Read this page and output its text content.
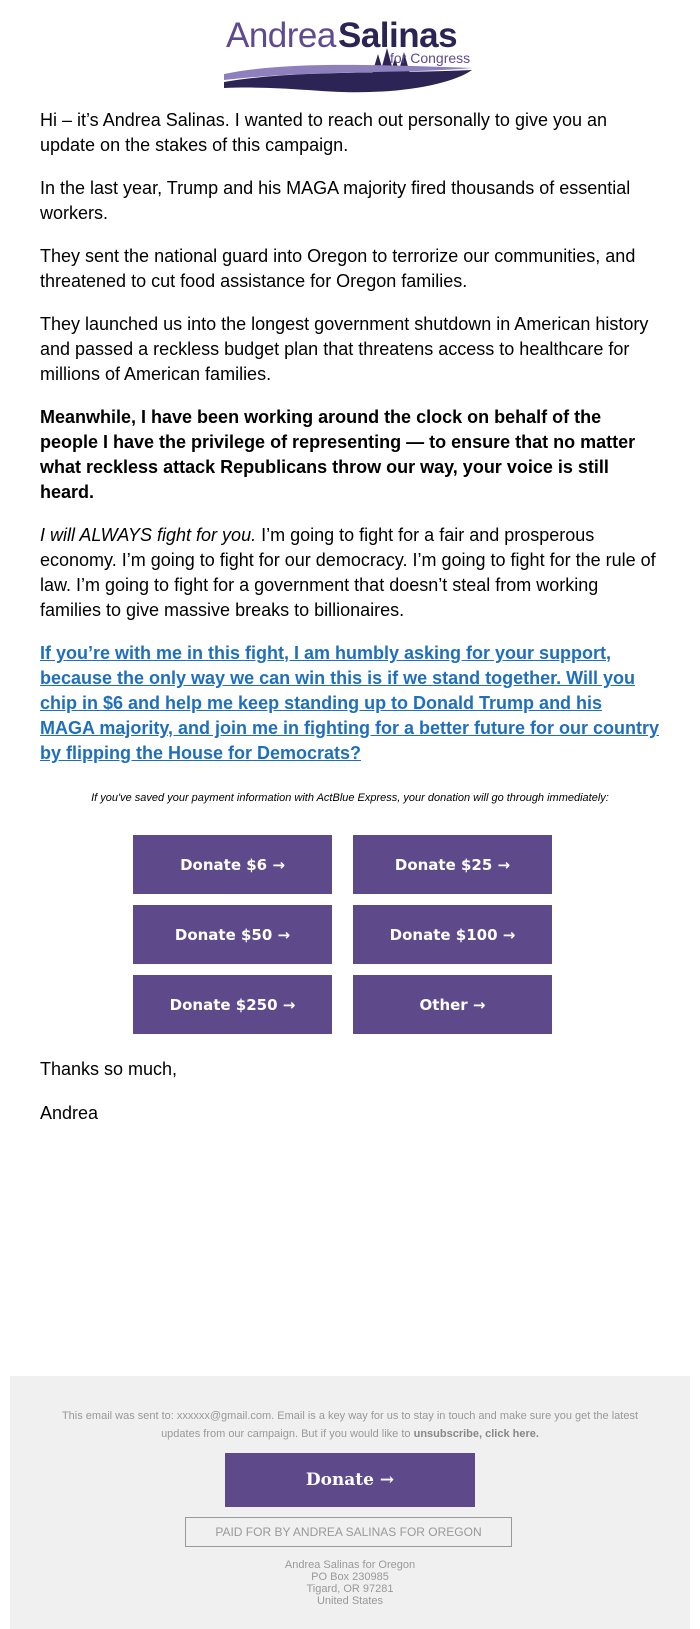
Andrea Salinas
for Congress

Hi – it’s Andrea Salinas. I wanted to reach out personally to give you an update on the stakes of this campaign.

In the last year, Trump and his MAGA majority fired thousands of essential workers.

They sent the national guard into Oregon to terrorize our communities, and threatened to cut food assistance for Oregon families.

They launched us into the longest government shutdown in American history and passed a reckless budget plan that threatens access to healthcare for millions of American families.

Meanwhile, I have been working around the clock on behalf of the people I have the privilege of representing — to ensure that no matter what reckless attack Republicans throw our way, your voice is still heard.

I will ALWAYS fight for you. I’m going to fight for a fair and prosperous economy. I’m going to fight for our democracy. I’m going to fight for the rule of law. I’m going to fight for a government that doesn’t steal from working families to give massive breaks to billionaires.

If you’re with me in this fight, I am humbly asking for your support, because the only way we can win this is if we stand together. Will you chip in $6 and help me keep standing up to Donald Trump and his MAGA majority, and join me in fighting for a better future for our country by flipping the House for Democrats?
If you've saved your payment information with ActBlue Express, your donation will go through immediately:
Donate $6 →	Donate $25 →
Donate $50 →	Donate $100 →
Donate $250 →	Other →
Thanks so much,
Andrea
This email was sent to: xxxxxx@gmail.com. Email is a key way for us to stay in touch and make sure you get the latest updates from our campaign. But if you would like to unsubscribe, click here.
Donate →
PAID FOR BY ANDREA SALINAS FOR OREGON
Andrea Salinas for Oregon
PO Box 230985
Tigard, OR 97281
United States
